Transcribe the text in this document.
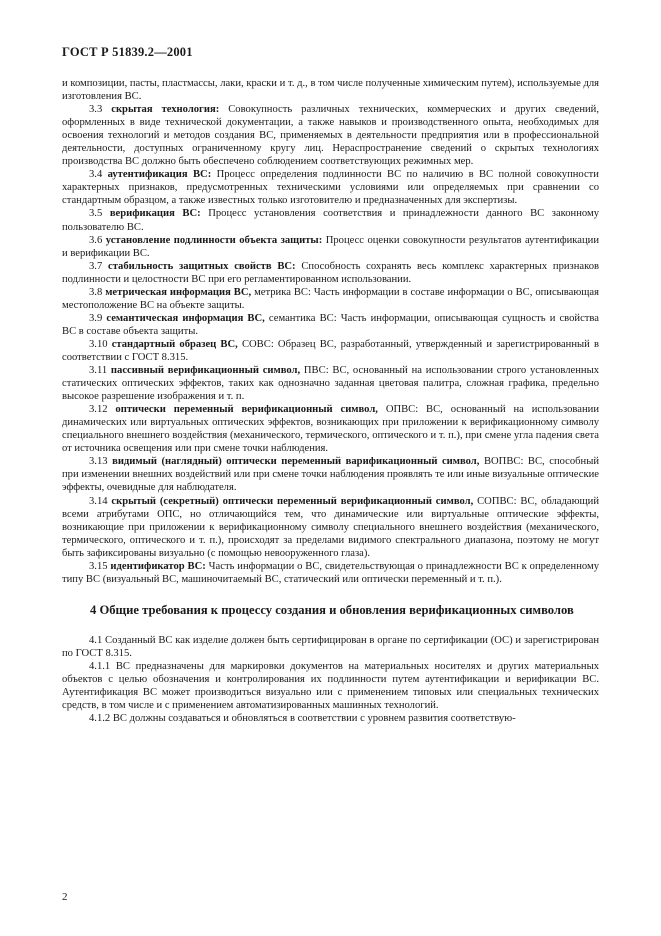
ГОСТ Р 51839.2—2001

и композиции, пасты, пластмассы, лаки, краски и т. д., в том числе полученные химическим путем), используемые для изготовления ВС.

3.3 скрытая технология: Совокупность различных технических, коммерческих и других сведений, оформленных в виде технической документации, а также навыков и производственного опыта, необходимых для освоения технологий и методов создания ВС, применяемых в деятельности предприятия или в профессиональной деятельности, доступных ограниченному кругу лиц. Нераспространение сведений о скрытых технологиях производства ВС должно быть обеспечено соблюдением соответствующих режимных мер.

3.4 аутентификация ВС: Процесс определения подлинности ВС по наличию в ВС полной совокупности характерных признаков, предусмотренных техническими условиями или определяемых при сравнении со стандартным образцом, а также известных только изготовителю и предназначенных для экспертизы.

3.5 верификация ВС: Процесс установления соответствия и принадлежности данного ВС законному пользователю ВС.

3.6 установление подлинности объекта защиты: Процесс оценки совокупности результатов аутентификации и верификации ВС.

3.7 стабильность защитных свойств ВС: Способность сохранять весь комплекс характерных признаков подлинности и целостности ВС при его регламентированном использовании.

3.8 метрическая информация ВС, метрика ВС: Часть информации в составе информации о ВС, описывающая местоположение ВС на объекте защиты.

3.9 семантическая информация ВС, семантика ВС: Часть информации, описывающая сущность и свойства ВС в составе объекта защиты.

3.10 стандартный образец ВС, СОВС: Образец ВС, разработанный, утвержденный и зарегистрированный в соответствии с ГОСТ 8.315.

3.11 пассивный верификационный символ, ПВС: ВС, основанный на использовании строго установленных статических оптических эффектов, таких как однозначно заданная цветовая палитра, сложная графика, предельно высокое разрешение изображения и т. п.

3.12 оптически переменный верификационный символ, ОПВС: ВС, основанный на использовании динамических или виртуальных оптических эффектов, возникающих при приложении к верификационному символу специального внешнего воздействия (механического, термического, оптического и т. п.), при смене угла падения света от источника освещения или при смене точки наблюдения.

3.13 видимый (наглядный) оптически переменный варификационный символ, ВОПВС: ВС, способный при изменении внешних воздействий или при смене точки наблюдения проявлять те или иные визуальные оптические эффекты, очевидные для наблюдателя.

3.14 скрытый (секретный) оптически переменный верификационный символ, СОПВС: ВС, обладающий всеми атрибутами ОПС, но отличающийся тем, что динамические или виртуальные оптические эффекты, возникающие при приложении к верификационному символу специального внешнего воздействия (механического, термического, оптического и т. п.), происходят за пределами видимого спектрального диапазона, поэтому не могут быть зафиксированы визуально (с помощью невооруженного глаза).

3.15 идентификатор ВС: Часть информации о ВС, свидетельствующая о принадлежности ВС к определенному типу ВС (визуальный ВС, машиночитаемый ВС, статический или оптически переменный и т. п.).

4 Общие требования к процессу создания и обновления верификационных символов

4.1 Созданный ВС как изделие должен быть сертифицирован в органе по сертификации (ОС) и зарегистрирован по ГОСТ 8.315.

4.1.1 ВС предназначены для маркировки документов на материальных носителях и других материальных объектов с целью обозначения и контролирования их подлинности путем аутентификации и верификации ВС. Аутентификация ВС может производиться визуально или с применением типовых или специальных технических средств, в том числе и с применением автоматизированных машинных технологий.

4.1.2 ВС должны создаваться и обновляться в соответствии с уровнем развития соответствую-

2
